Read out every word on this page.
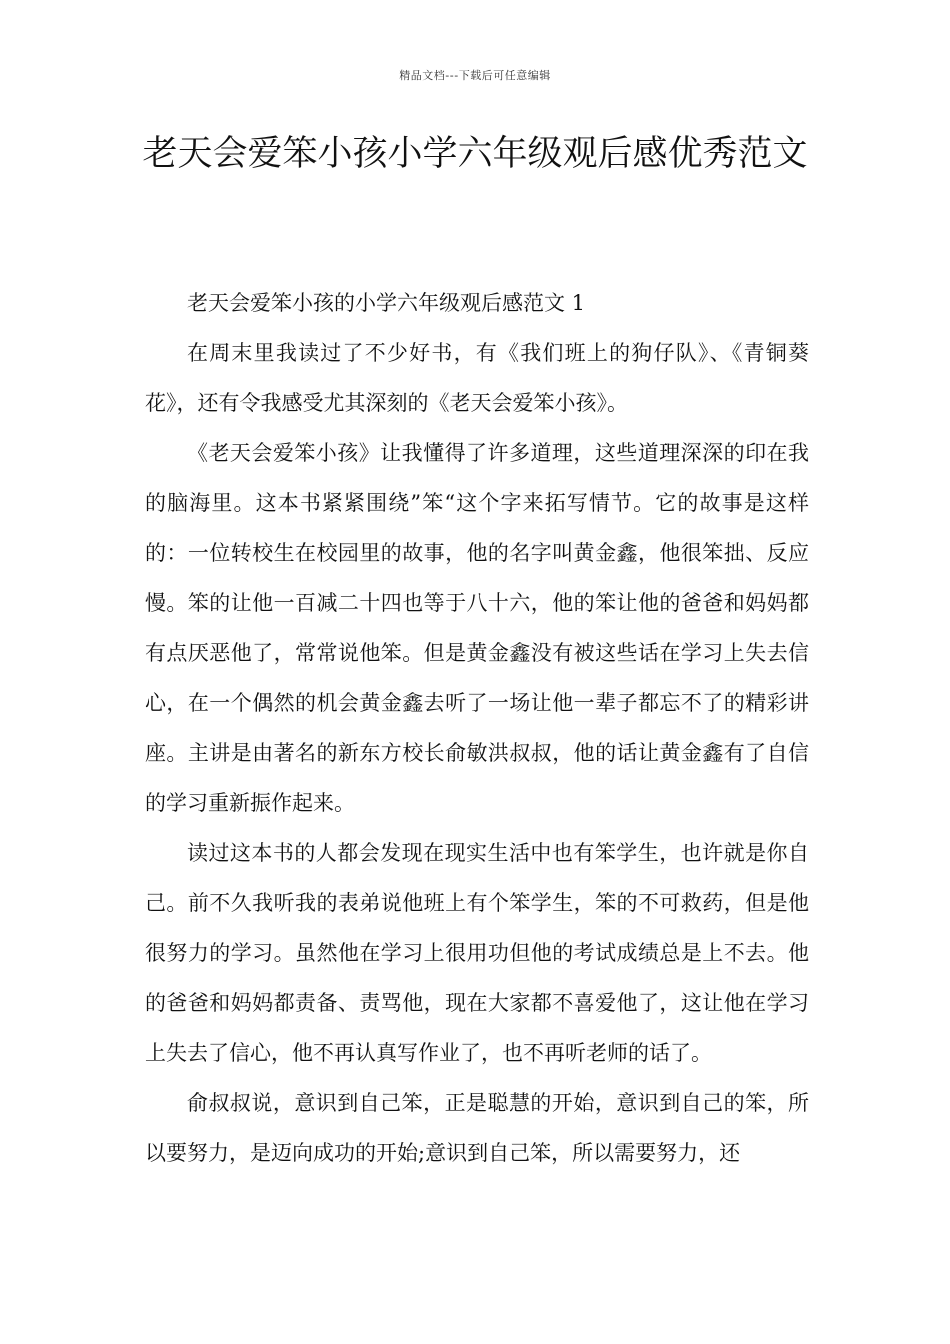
精品文档---下载后可任意编辑
老天会爱笨小孩小学六年级观后感优秀范文

老天会爱笨小孩的小学六年级观后感范文 1

在周末里我读过了不少好书，有《我们班上的狗仔队》、《青铜葵花》，还有令我感受尤其深刻的《老天会爱笨小孩》。

《老天会爱笨小孩》让我懂得了许多道理，这些道理深深的印在我的脑海里。这本书紧紧围绕”笨“这个字来拓写情节。它的故事是这样的：一位转校生在校园里的故事，他的名字叫黄金鑫，他很笨拙、反应慢。笨的让他一百减二十四也等于八十六，他的笨让他的爸爸和妈妈都有点厌恶他了，常常说他笨。但是黄金鑫没有被这些话在学习上失去信心，在一个偶然的机会黄金鑫去听了一场让他一辈子都忘不了的精彩讲座。主讲是由著名的新东方校长俞敏洪叔叔，他的话让黄金鑫有了自信的学习重新振作起来。

读过这本书的人都会发现在现实生活中也有笨学生，也许就是你自己。前不久我听我的表弟说他班上有个笨学生，笨的不可救药，但是他很努力的学习。虽然他在学习上很用功但他的考试成绩总是上不去。他的爸爸和妈妈都责备、责骂他，现在大家都不喜爱他了，这让他在学习上失去了信心，他不再认真写作业了，也不再听老师的话了。

俞叔叔说，意识到自己笨，正是聪慧的开始，意识到自己的笨，所以要努力，是迈向成功的开始;意识到自己笨，所以需要努力，还
